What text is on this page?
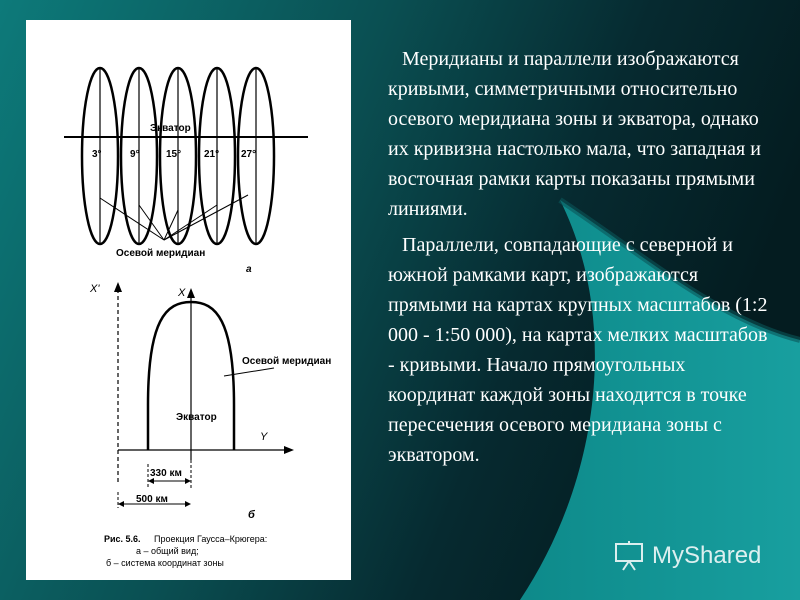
Экватор
3°	9°	15° 21° 27°
Осевой меридиан
а
X'	X
Y
Осевой меридиан
Экватор
330 км
500 км
б
Рис. 5.6. Проекция Гаусса–Крюгера:
а – общий вид;
б – система координат зоны

Меридианы и параллели изображаются кривыми, симметричными относительно осевого меридиана зоны и экватора, однако их кривизна настолько мала, что западная и восточная рамки карты показаны прямыми линиями.

Параллели, совпадающие с северной и южной рамками карт, изображаются прямыми на картах крупных масштабов (1:2 000 - 1:50 000), на картах мелких масштабов - кривыми. Начало прямоугольных координат каждой зоны находится в точке пересечения осевого меридиана зоны с экватором.

MyShared
